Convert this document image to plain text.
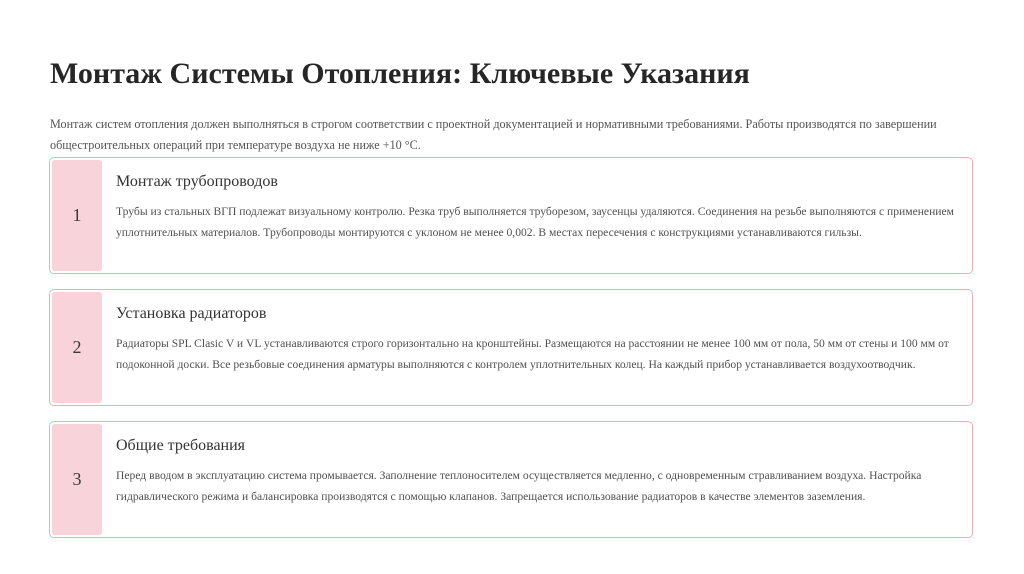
Монтаж Системы Отопления: Ключевые Указания

Монтаж систем отопления должен выполняться в строгом соответствии с проектной документацией и нормативными требованиями. Работы производятся по завершении общестроительных операций при температуре воздуха не ниже +10 °C.

1
Монтаж трубопроводов
Трубы из стальных ВГП подлежат визуальному контролю. Резка труб выполняется труборезом, заусенцы удаляются. Соединения на резьбе выполняются с применением уплотнительных материалов. Трубопроводы монтируются с уклоном не менее 0,002. В местах пересечения с конструкциями устанавливаются гильзы.
2
Установка радиаторов
Радиаторы SPL Clasic V и VL устанавливаются строго горизонтально на кронштейны. Размещаются на расстоянии не менее 100 мм от пола, 50 мм от стены и 100 мм от подоконной доски. Все резьбовые соединения арматуры выполняются с контролем уплотнительных колец. На каждый прибор устанавливается воздухоотводчик.
3
Общие требования
Перед вводом в эксплуатацию система промывается. Заполнение теплоносителем осуществляется медленно, с одновременным стравливанием воздуха. Настройка гидравлического режима и балансировка производятся с помощью клапанов. Запрещается использование радиаторов в качестве элементов заземления.
